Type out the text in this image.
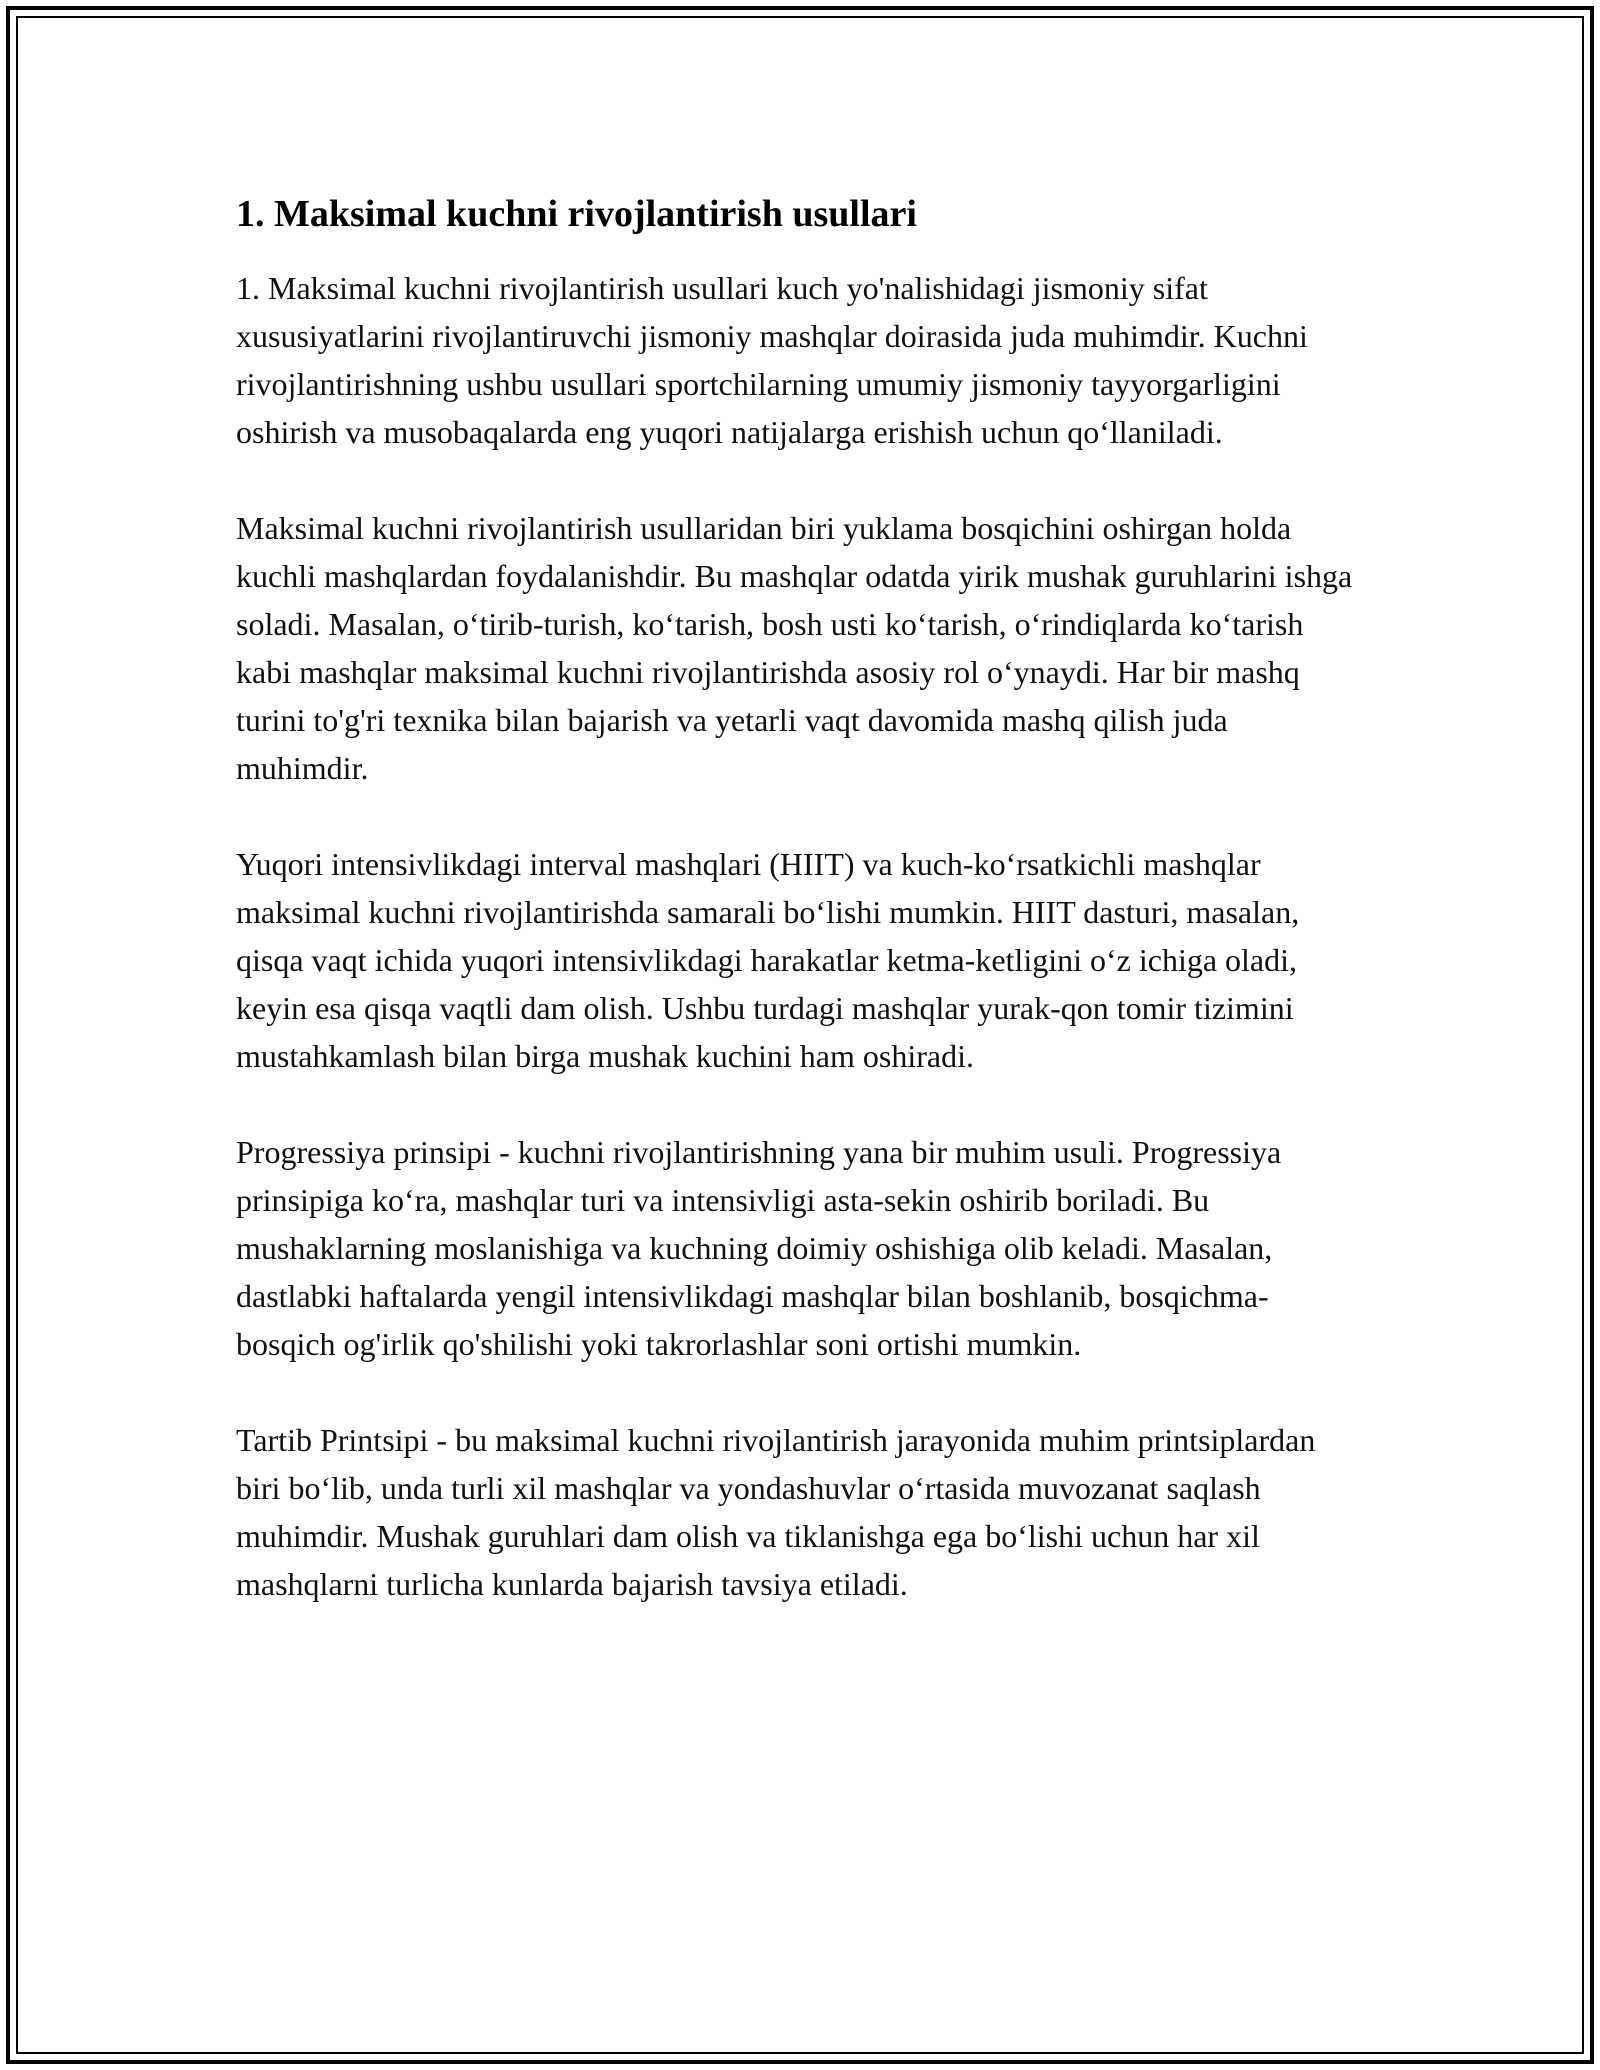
1. Maksimal kuchni rivojlantirish usullari

1. Maksimal kuchni rivojlantirish usullari kuch yo'nalishidagi jismoniy sifat xususiyatlarini rivojlantiruvchi jismoniy mashqlar doirasida juda muhimdir. Kuchni rivojlantirishning ushbu usullari sportchilarning umumiy jismoniy tayyorgarligini oshirish va musobaqalarda eng yuqori natijalarga erishish uchun qo‘llaniladi.

Maksimal kuchni rivojlantirish usullaridan biri yuklama bosqichini oshirgan holda kuchli mashqlardan foydalanishdir. Bu mashqlar odatda yirik mushak guruhlarini ishga soladi. Masalan, o‘tirib-turish, ko‘tarish, bosh usti ko‘tarish, o‘rindiqlarda ko‘tarish kabi mashqlar maksimal kuchni rivojlantirishda asosiy rol o‘ynaydi. Har bir mashq turini to'g'ri texnika bilan bajarish va yetarli vaqt davomida mashq qilish juda muhimdir.

Yuqori intensivlikdagi interval mashqlari (HIIT) va kuch-ko‘rsatkichli mashqlar maksimal kuchni rivojlantirishda samarali bo‘lishi mumkin. HIIT dasturi, masalan, qisqa vaqt ichida yuqori intensivlikdagi harakatlar ketma-ketligini o‘z ichiga oladi, keyin esa qisqa vaqtli dam olish. Ushbu turdagi mashqlar yurak-qon tomir tizimini mustahkamlash bilan birga mushak kuchini ham oshiradi.

Progressiya prinsipi - kuchni rivojlantirishning yana bir muhim usuli. Progressiya prinsipiga ko‘ra, mashqlar turi va intensivligi asta-sekin oshirib boriladi. Bu mushaklarning moslanishiga va kuchning doimiy oshishiga olib keladi. Masalan, dastlabki haftalarda yengil intensivlikdagi mashqlar bilan boshlanib, bosqichma-bosqich og'irlik qo'shilishi yoki takrorlashlar soni ortishi mumkin.

Tartib Printsipi - bu maksimal kuchni rivojlantirish jarayonida muhim printsiplardan biri bo‘lib, unda turli xil mashqlar va yondashuvlar o‘rtasida muvozanat saqlash muhimdir. Mushak guruhlari dam olish va tiklanishga ega bo‘lishi uchun har xil mashqlarni turlicha kunlarda bajarish tavsiya etiladi.
